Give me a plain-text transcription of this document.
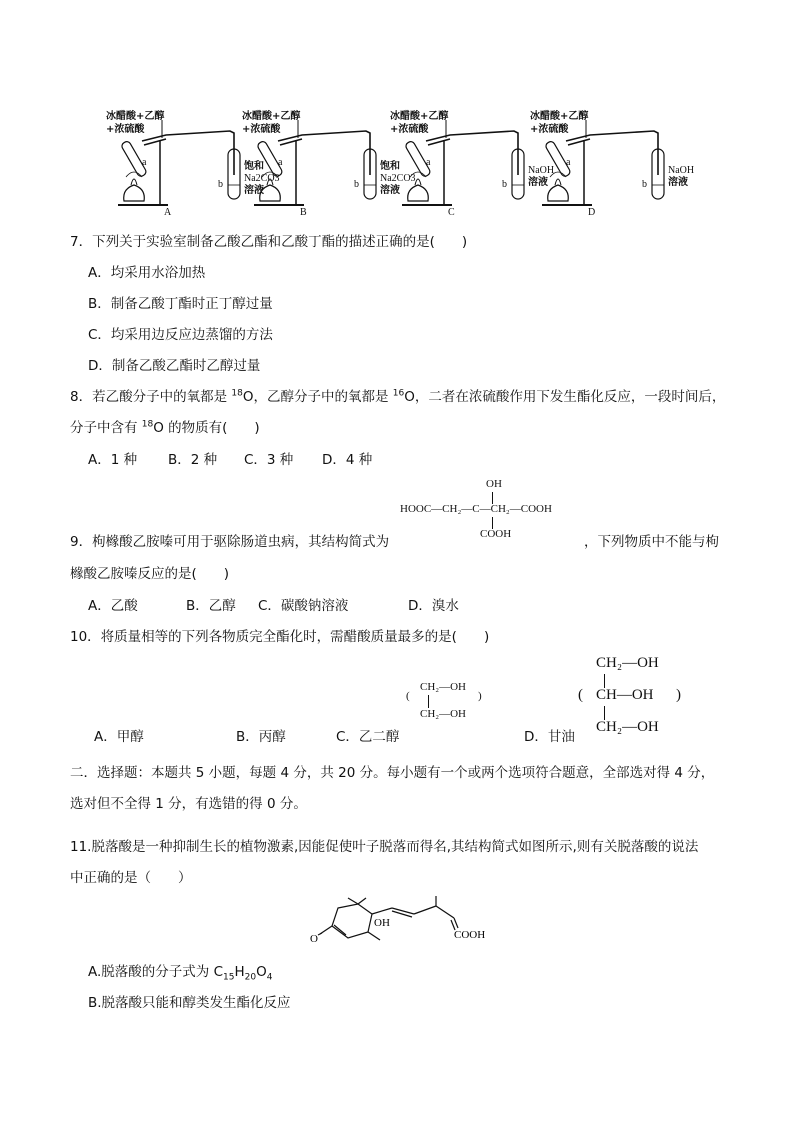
冰醋酸+乙醇
+浓硫酸
a
b
饱和
Na2CO3
溶液
A
冰醋酸+乙醇
+浓硫酸
a
b
饱和
Na2CO3
溶液
B
冰醋酸+乙醇
+浓硫酸
a
b
NaOH
溶液
C
冰醋酸+乙醇
+浓硫酸
a
b
NaOH
溶液
D
7．下列关于实验室制备乙酸乙酯和乙酸丁酯的描述正确的是(　　)
A．均采用水浴加热
B．制备乙酸丁酯时正丁醇过量
C．均采用边反应边蒸馏的方法
D．制备乙酸乙酯时乙醇过量
8．若乙酸分子中的氧都是 $^{18}$O，乙醇分子中的氧都是 $^{16}$O，二者在浓硫酸作用下发生酯化反应，一段时间后，
分子中含有 $^{18}$O 的物质有(　　)
A．1 种 B．2 种 C．3 种 D．4 种
OH
HOOC—CH₂—C—CH₂—COOH
COOH
9．枸橼酸乙胺嗪可用于驱除肠道虫病，其结构简式为	，下列物质中不能与枸
橼酸乙胺嗪反应的是(　　)
A．乙酸	B．乙醇 C．碳酸钠溶液	D．溴水
10．将质量相等的下列各物质完全酯化时，需醋酸质量最多的是(　　)
(
CH₂—OH
CH₂—OH
)
CH₂—OH
( CH—OH )
CH₂—OH
A．甲醇	B．丙醇	C．乙二醇	D．甘油
二．选择题：本题共 5 小题，每题 4 分，共 20 分。每小题有一个或两个选项符合题意，全部选对得 4 分，
选对但不全得 1 分，有选错的得 0 分。
11.脱落酸是一种抑制生长的植物激素,因能促使叶子脱落而得名,其结构简式如图所示,则有关脱落酸的说法
中正确的是（　　）
O
OH
COOH
A.脱落酸的分子式为 $C_{15}H_{20}O_4$
B.脱落酸只能和醇类发生酯化反应
